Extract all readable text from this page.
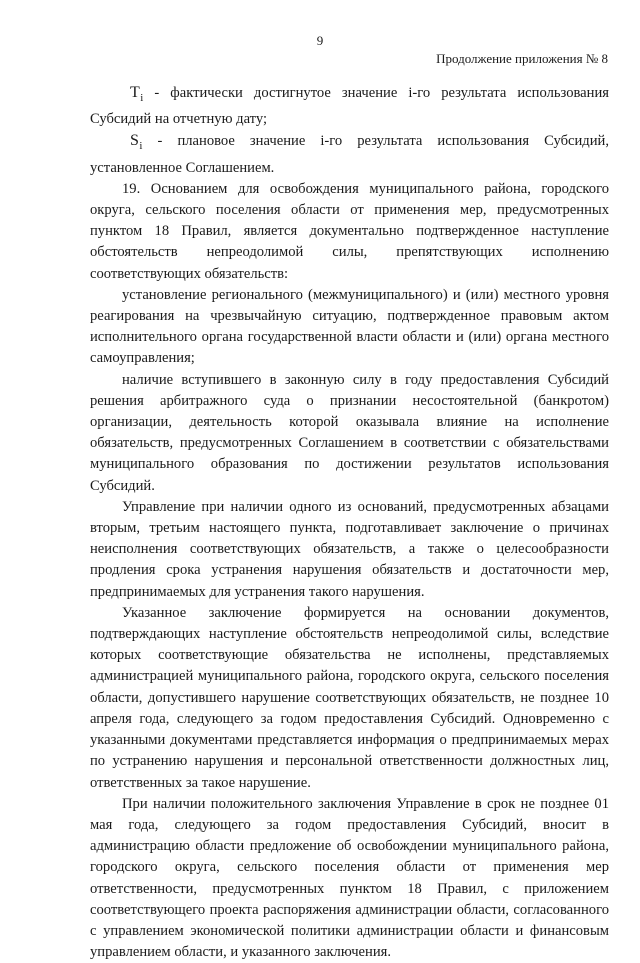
9
Продолжение приложения № 8

$T_i$ - фактически достигнутое значение i-го результата использования Субсидий на отчетную дату;

$S_i$ - плановое значение i-го результата использования Субсидий, установленное Соглашением.

19. Основанием для освобождения муниципального района, городского округа, сельского поселения области от применения мер, предусмотренных пунктом 18 Правил, является документально подтвержденное наступление обстоятельств непреодолимой силы, препятствующих исполнению соответствующих обязательств:

установление регионального (межмуниципального) и (или) местного уровня реагирования на чрезвычайную ситуацию, подтвержденное правовым актом исполнительного органа государственной власти области и (или) органа местного самоуправления;

наличие вступившего в законную силу в году предоставления Субсидий решения арбитражного суда о признании несостоятельной (банкротом) организации, деятельность которой оказывала влияние на исполнение обязательств, предусмотренных Соглашением в соответствии с обязательствами муниципального образования по достижении результатов использования Субсидий.

Управление при наличии одного из оснований, предусмотренных абзацами вторым, третьим настоящего пункта, подготавливает заключение о причинах неисполнения соответствующих обязательств, а также о целесообразности продления срока устранения нарушения обязательств и достаточности мер, предпринимаемых для устранения такого нарушения.

Указанное заключение формируется на основании документов, подтверждающих наступление обстоятельств непреодолимой силы, вследствие которых соответствующие обязательства не исполнены, представляемых администрацией муниципального района, городского округа, сельского поселения области, допустившего нарушение соответствующих обязательств, не позднее 10 апреля года, следующего за годом предоставления Субсидий. Одновременно с указанными документами представляется информация о предпринимаемых мерах по устранению нарушения и персональной ответственности должностных лиц, ответственных за такое нарушение.

При наличии положительного заключения Управление в срок не позднее 01 мая года, следующего за годом предоставления Субсидий, вносит в администрацию области предложение об освобождении муниципального района, городского округа, сельского поселения области от применения мер ответственности, предусмотренных пунктом 18 Правил, с приложением соответствующего проекта распоряжения администрации области, согласованного с управлением экономической политики администрации области и финансовым управлением области, и указанного заключения.
